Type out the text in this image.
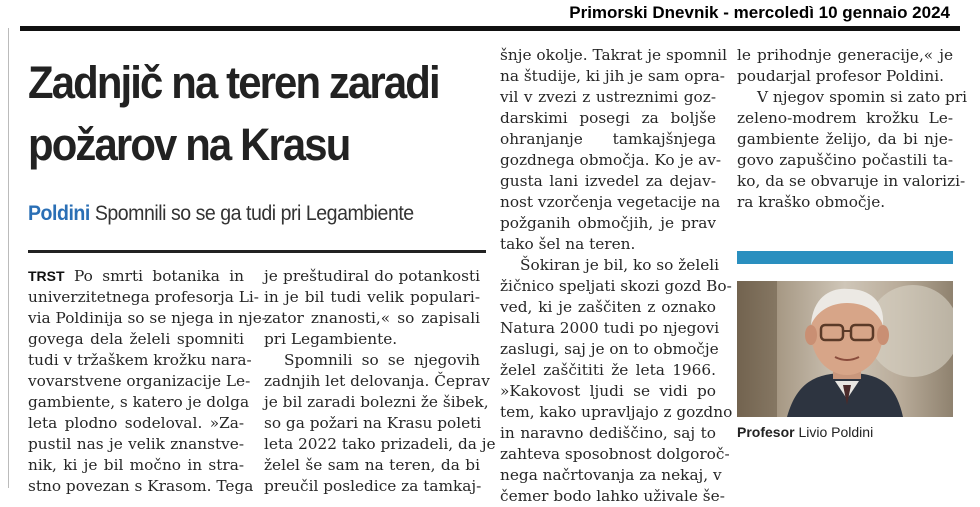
Primorski Dnevnik - mercoledì 10 gennaio 2024
Zadnjič na teren zaradi
požarov na Krasu
Poldini Spomnili so se ga tudi pri Legambiente
TRST Po smrti botanika in
univerzitetnega profesorja Li-
via Poldinija so se njega in nje-
govega dela želeli spomniti
tudi v tržaškem krožku nara-
vovarstvene organizacije Le-
gambiente, s katero je dolga
leta plodno sodeloval. »Za-
pustil nas je velik znanstve-
nik, ki je bil močno in stra-
stno povezan s Krasom. Tega
je preštudiral do potankosti
in je bil tudi velik populari-
zator znanosti,« so zapisali
pri Legambiente.
Spomnili so se njegovih
zadnjih let delovanja. Čeprav
je bil zaradi bolezni že šibek,
so ga požari na Krasu poleti
leta 2022 tako prizadeli, da je
želel še sam na teren, da bi
preučil posledice za tamkaj-
šnje okolje. Takrat je spomnil
na študije, ki jih je sam opra-
vil v zvezi z ustreznimi goz-
darskimi posegi za boljše
ohranjanje tamkajšnjega
gozdnega območja. Ko je av-
gusta lani izvedel za dejav-
nost vzorčenja vegetacije na
požganih območjih, je prav
tako šel na teren.
Šokiran je bil, ko so želeli
žičnico speljati skozi gozd Bo-
ved, ki je zaščiten z oznako
Natura 2000 tudi po njegovi
zaslugi, saj je on to območje
želel zaščititi že leta 1966.
»Kakovost ljudi se vidi po
tem, kako upravljajo z gozdno
in naravno dediščino, saj to
zahteva sposobnost dolgoroč-
nega načrtovanja za nekaj, v
čemer bodo lahko uživale še-
le prihodnje generacije,« je
poudarjal profesor Poldini.
V njegov spomin si zato pri
zeleno-modrem krožku Le-
gambiente želijo, da bi nje-
govo zapuščino počastili ta-
ko, da se obvaruje in valorizi-
ra kraško območje.
Profesor Livio Poldini
